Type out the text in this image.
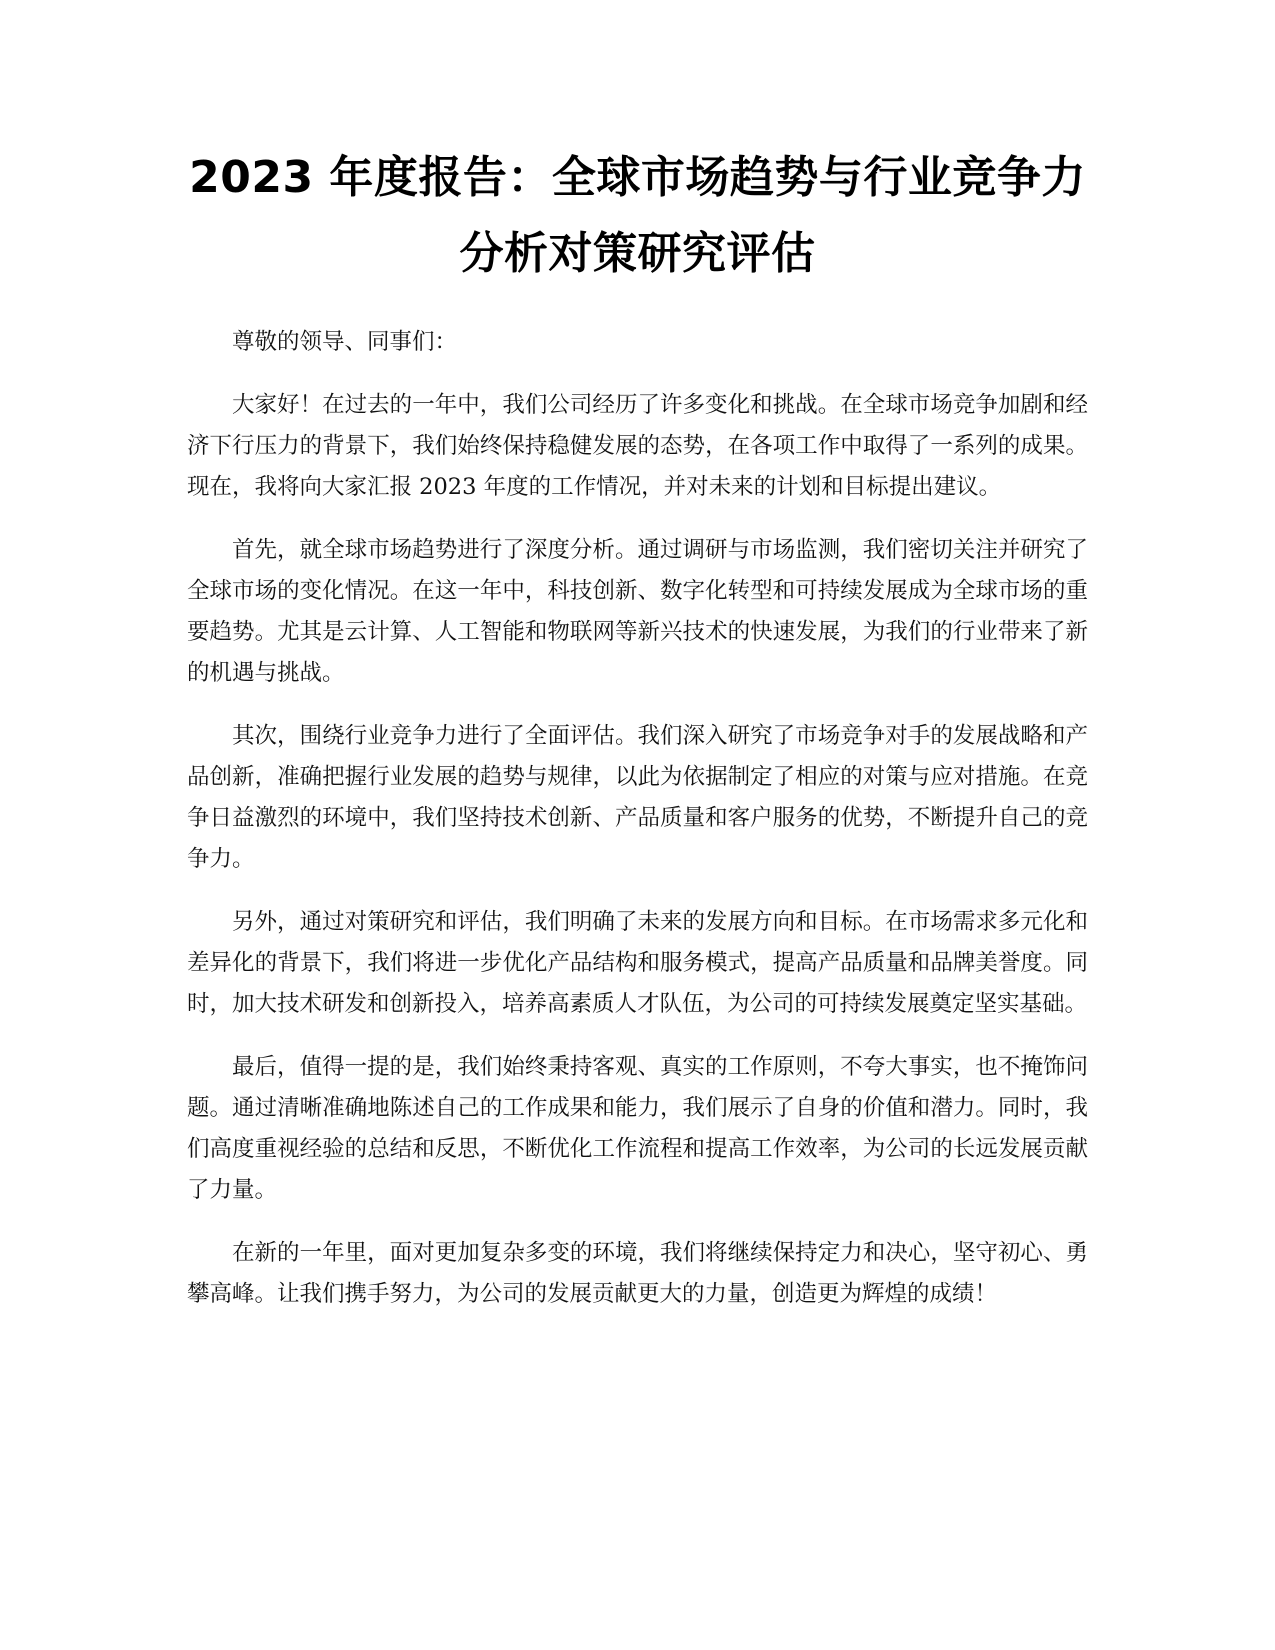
2023 年度报告：全球市场趋势与行业竞争力
分析对策研究评估

尊敬的领导、同事们：

大家好！在过去的一年中，我们公司经历了许多变化和挑战。在全球市场竞争加剧和经济下行压力的背景下，我们始终保持稳健发展的态势，在各项工作中取得了一系列的成果。现在，我将向大家汇报 2023 年度的工作情况，并对未来的计划和目标提出建议。

首先，就全球市场趋势进行了深度分析。通过调研与市场监测，我们密切关注并研究了全球市场的变化情况。在这一年中，科技创新、数字化转型和可持续发展成为全球市场的重要趋势。尤其是云计算、人工智能和物联网等新兴技术的快速发展，为我们的行业带来了新的机遇与挑战。

其次，围绕行业竞争力进行了全面评估。我们深入研究了市场竞争对手的发展战略和产品创新，准确把握行业发展的趋势与规律，以此为依据制定了相应的对策与应对措施。在竞争日益激烈的环境中，我们坚持技术创新、产品质量和客户服务的优势，不断提升自己的竞争力。

另外，通过对策研究和评估，我们明确了未来的发展方向和目标。在市场需求多元化和差异化的背景下，我们将进一步优化产品结构和服务模式，提高产品质量和品牌美誉度。同时，加大技术研发和创新投入，培养高素质人才队伍，为公司的可持续发展奠定坚实基础。

最后，值得一提的是，我们始终秉持客观、真实的工作原则，不夸大事实，也不掩饰问题。通过清晰准确地陈述自己的工作成果和能力，我们展示了自身的价值和潜力。同时，我们高度重视经验的总结和反思，不断优化工作流程和提高工作效率，为公司的长远发展贡献了力量。

在新的一年里，面对更加复杂多变的环境，我们将继续保持定力和决心，坚守初心、勇攀高峰。让我们携手努力，为公司的发展贡献更大的力量，创造更为辉煌的成绩！
